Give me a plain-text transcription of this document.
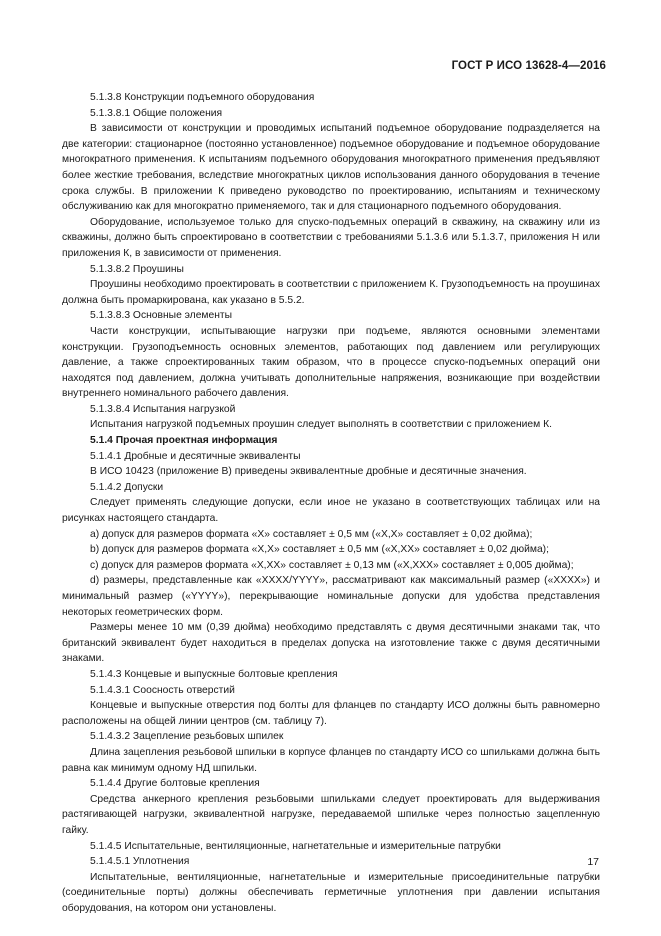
ГОСТ Р ИСО 13628-4—2016

5.1.3.8 Конструкции подъемного оборудования

5.1.3.8.1 Общие положения

В зависимости от конструкции и проводимых испытаний подъемное оборудование подразделяется на две категории: стационарное (постоянно установленное) подъемное оборудование и подъемное оборудование многократного применения. К испытаниям подъемного оборудования многократного применения предъявляют более жесткие требования, вследствие многократных циклов использования данного оборудования в течение срока службы. В приложении К приведено руководство по проектированию, испытаниям и техническому обслуживанию как для многократно применяемого, так и для стационарного подъемного оборудования.

Оборудование, используемое только для спуско-подъемных операций в скважину, на скважину или из скважины, должно быть спроектировано в соответствии с требованиями 5.1.3.6 или 5.1.3.7, приложения Н или приложения К, в зависимости от применения.

5.1.3.8.2 Проушины

Проушины необходимо проектировать в соответствии с приложением К. Грузоподъемность на проушинах должна быть промаркирована, как указано в 5.5.2.

5.1.3.8.3 Основные элементы

Части конструкции, испытывающие нагрузки при подъеме, являются основными элементами конструкции. Грузоподъемность основных элементов, работающих под давлением или регулирующих давление, а также спроектированных таким образом, что в процессе спуско-подъемных операций они находятся под давлением, должна учитывать дополнительные напряжения, возникающие при воздействии внутреннего номинального рабочего давления.

5.1.3.8.4 Испытания нагрузкой

Испытания нагрузкой подъемных проушин следует выполнять в соответствии с приложением К.

5.1.4 Прочая проектная информация

5.1.4.1 Дробные и десятичные эквиваленты

В ИСО 10423 (приложение В) приведены эквивалентные дробные и десятичные значения.

5.1.4.2 Допуски

Следует применять следующие допуски, если иное не указано в соответствующих таблицах или на рисунках настоящего стандарта.

a) допуск для размеров формата «X» составляет ± 0,5 мм («X,X» составляет ± 0,02 дюйма);

b) допуск для размеров формата «X,X» составляет ± 0,5 мм («X,XX» составляет ± 0,02 дюйма);

c) допуск для размеров формата «X,XX» составляет ± 0,13 мм («X,XXX» составляет ± 0,005 дюйма);

d) размеры, представленные как «XXXX/YYYY», рассматривают как максимальный размер («XXXX») и минимальный размер («YYYY»), перекрывающие номинальные допуски для удобства представления некоторых геометрических форм.

Размеры менее 10 мм (0,39 дюйма) необходимо представлять с двумя десятичными знаками так, что британский эквивалент будет находиться в пределах допуска на изготовление также с двумя десятичными знаками.

5.1.4.3 Концевые и выпускные болтовые крепления

5.1.4.3.1 Соосность отверстий

Концевые и выпускные отверстия под болты для фланцев по стандарту ИСО должны быть равномерно расположены на общей линии центров (см. таблицу 7).

5.1.4.3.2 Зацепление резьбовых шпилек

Длина зацепления резьбовой шпильки в корпусе фланцев по стандарту ИСО со шпильками должна быть равна как минимум одному НД шпильки.

5.1.4.4 Другие болтовые крепления

Средства анкерного крепления резьбовыми шпильками следует проектировать для выдерживания растягивающей нагрузки, эквивалентной нагрузке, передаваемой шпильке через полностью зацепленную гайку.

5.1.4.5 Испытательные, вентиляционные, нагнетательные и измерительные патрубки

5.1.4.5.1 Уплотнения

Испытательные, вентиляционные, нагнетательные и измерительные присоединительные патрубки (соединительные порты) должны обеспечивать герметичные уплотнения при давлении испытания оборудования, на котором они установлены.

17
